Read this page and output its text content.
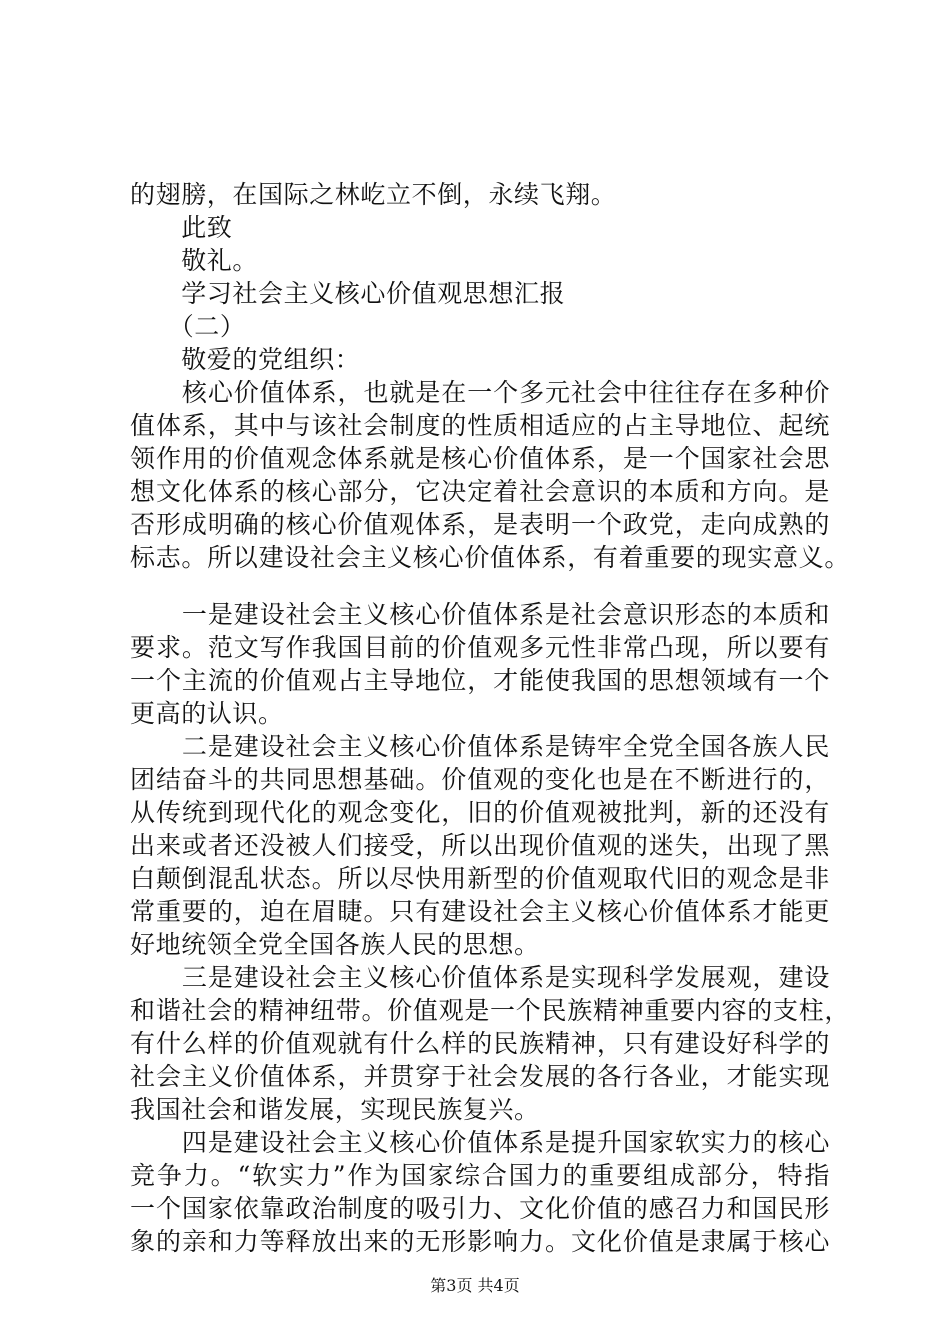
的翅膀，在国际之林屹立不倒，永续飞翔。
　　此致
　　敬礼。
　　学习社会主义核心价值观思想汇报
　　（二）
　　敬爱的党组织：
　　核心价值体系，也就是在一个多元社会中往往存在多种价
值体系，其中与该社会制度的性质相适应的占主导地位、起统
领作用的价值观念体系就是核心价值体系，是一个国家社会思
想文化体系的核心部分，它决定着社会意识的本质和方向。是
否形成明确的核心价值观体系，是表明一个政党，走向成熟的
标志。所以建设社会主义核心价值体系，有着重要的现实意义。
　　一是建设社会主义核心价值体系是社会意识形态的本质和
要求。范文写作我国目前的价值观多元性非常凸现，所以要有
一个主流的价值观占主导地位，才能使我国的思想领域有一个
更高的认识。
　　二是建设社会主义核心价值体系是铸牢全党全国各族人民
团结奋斗的共同思想基础。价值观的变化也是在不断进行的，
从传统到现代化的观念变化，旧的价值观被批判，新的还没有
出来或者还没被人们接受，所以出现价值观的迷失，出现了黑
白颠倒混乱状态。所以尽快用新型的价值观取代旧的观念是非
常重要的，迫在眉睫。只有建设社会主义核心价值体系才能更
好地统领全党全国各族人民的思想。
　　三是建设社会主义核心价值体系是实现科学发展观，建设
和谐社会的精神纽带。价值观是一个民族精神重要内容的支柱，
有什么样的价值观就有什么样的民族精神，只有建设好科学的
社会主义价值体系，并贯穿于社会发展的各行各业，才能实现
我国社会和谐发展，实现民族复兴。
　　四是建设社会主义核心价值体系是提升国家软实力的核心
竞争力。“软实力”作为国家综合国力的重要组成部分，特指
一个国家依靠政治制度的吸引力、文化价值的感召力和国民形
象的亲和力等释放出来的无形影响力。文化价值是隶属于核心
第3页 共4页
